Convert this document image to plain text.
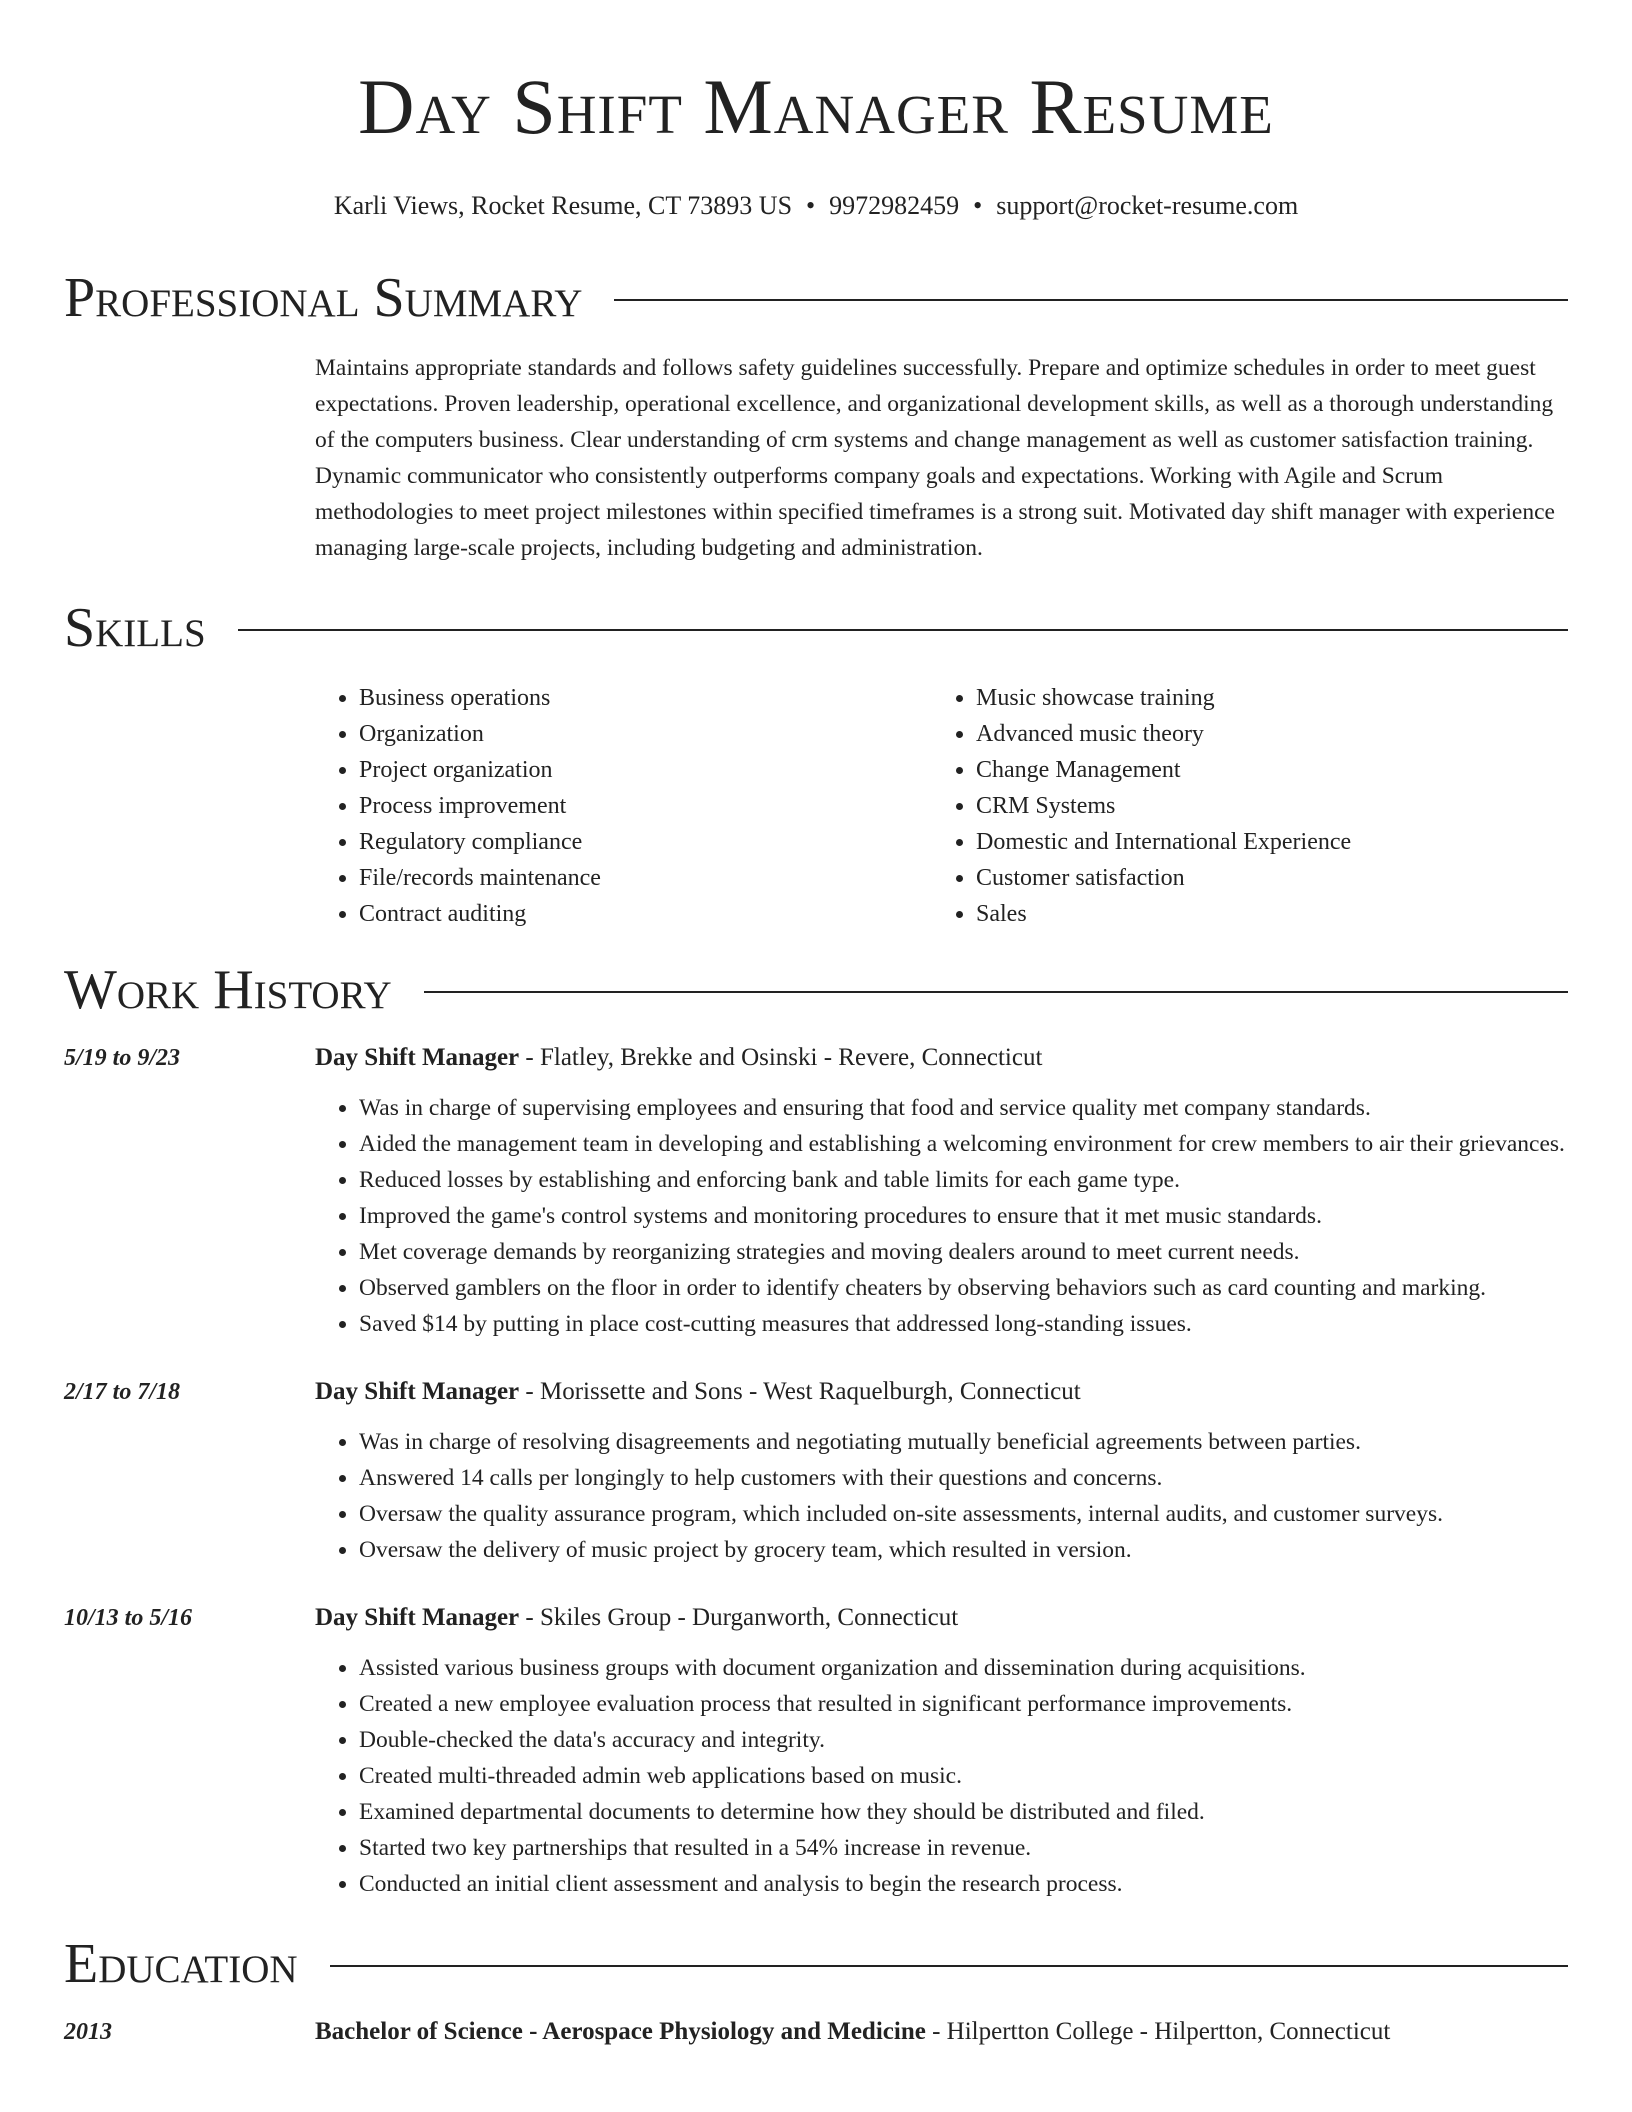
Day Shift Manager Resume
Karli Views, Rocket Resume, CT 73893 US • 9972982459 • support@rocket-resume.com
Professional Summary

Maintains appropriate standards and follows safety guidelines successfully. Prepare and optimize schedules in order to meet guest expectations. Proven leadership, operational excellence, and organizational development skills, as well as a thorough understanding of the computers business. Clear understanding of crm systems and change management as well as customer satisfaction training. Dynamic communicator who consistently outperforms company goals and expectations. Working with Agile and Scrum methodologies to meet project milestones within specified timeframes is a strong suit. Motivated day shift manager with experience managing large-scale projects, including budgeting and administration.

Skills
• Business operations
• Organization
• Project organization
• Process improvement
• Regulatory compliance
• File/records maintenance
• Contract auditing
• Music showcase training
• Advanced music theory
• Change Management
• CRM Systems
• Domestic and International Experience
• Customer satisfaction
• Sales
Work History
5/19 to 9/23	Day Shift Manager - Flatley, Brekke and Osinski - Revere, Connecticut
• Was in charge of supervising employees and ensuring that food and service quality met company standards.
• Aided the management team in developing and establishing a welcoming environment for crew members to air their grievances.
• Reduced losses by establishing and enforcing bank and table limits for each game type.
• Improved the game's control systems and monitoring procedures to ensure that it met music standards.
• Met coverage demands by reorganizing strategies and moving dealers around to meet current needs.
• Observed gamblers on the floor in order to identify cheaters by observing behaviors such as card counting and marking.
• Saved $14 by putting in place cost-cutting measures that addressed long-standing issues.
2/17 to 7/18	Day Shift Manager - Morissette and Sons - West Raquelburgh, Connecticut
• Was in charge of resolving disagreements and negotiating mutually beneficial agreements between parties.
• Answered 14 calls per longingly to help customers with their questions and concerns.
• Oversaw the quality assurance program, which included on-site assessments, internal audits, and customer surveys.
• Oversaw the delivery of music project by grocery team, which resulted in version.
10/13 to 5/16	Day Shift Manager - Skiles Group - Durganworth, Connecticut
• Assisted various business groups with document organization and dissemination during acquisitions.
• Created a new employee evaluation process that resulted in significant performance improvements.
• Double-checked the data's accuracy and integrity.
• Created multi-threaded admin web applications based on music.
• Examined departmental documents to determine how they should be distributed and filed.
• Started two key partnerships that resulted in a 54% increase in revenue.
• Conducted an initial client assessment and analysis to begin the research process.
Education
2013	Bachelor of Science - Aerospace Physiology and Medicine - Hilpertton College - Hilpertton, Connecticut
